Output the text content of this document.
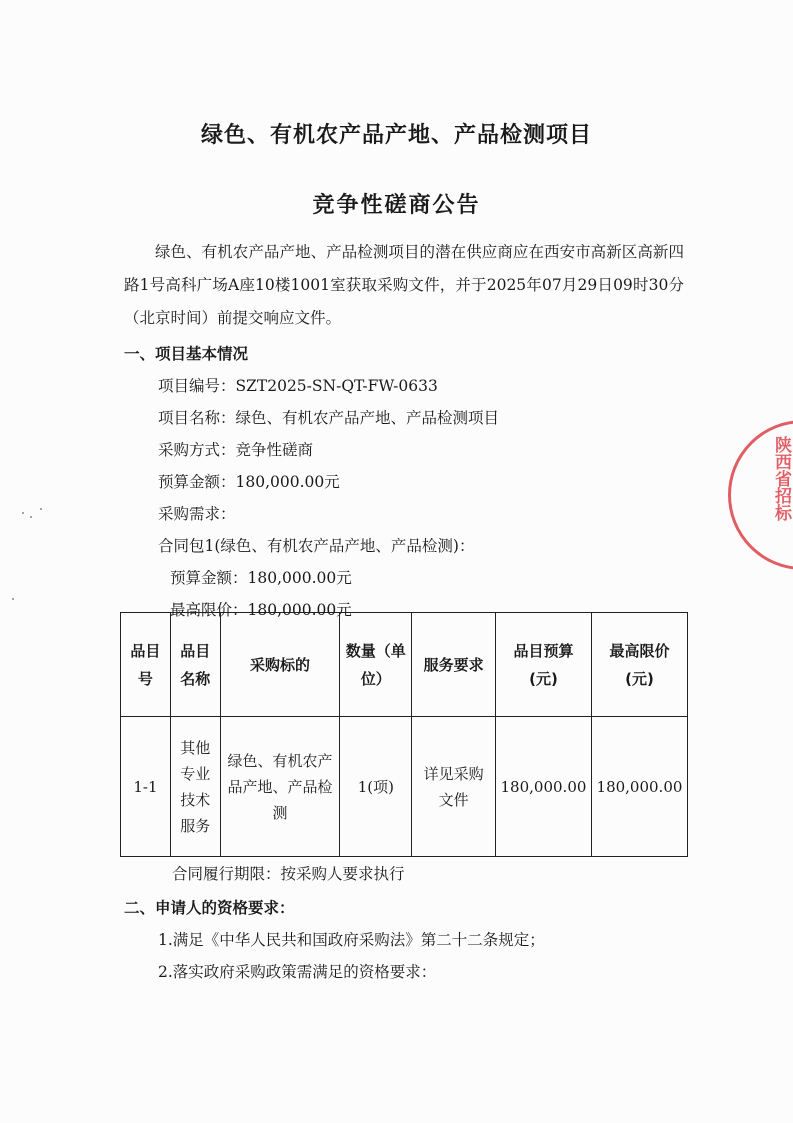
绿色、有机农产品产地、产品检测项目
竞争性磋商公告
绿色、有机农产品产地、产品检测项目的潜在供应商应在西安市高新区高新四路1号高科广场A座10楼1001室获取采购文件，并于2025年07月29日09时30分（北京时间）前提交响应文件。
一、项目基本情况
项目编号：SZT2025-SN-QT-FW-0633
项目名称：绿色、有机农产品产地、产品检测项目
采购方式：竞争性磋商
预算金额：180,000.00元
采购需求：
合同包1(绿色、有机农产品产地、产品检测)：
预算金额：180,000.00元
最高限价：180,000.00元
品目号	品目名称	采购标的	数量（单位）	服务要求	品目预算(元)	最高限价(元)
1-1	其他专业技术服务	绿色、有机农产品产地、产品检测	1(项)	详见采购文件	180,000.00	180,000.00
合同履行期限：按采购人要求执行
二、申请人的资格要求：
1.满足《中华人民共和国政府采购法》第二十二条规定；
2.落实政府采购政策需满足的资格要求：
陕西省招标
